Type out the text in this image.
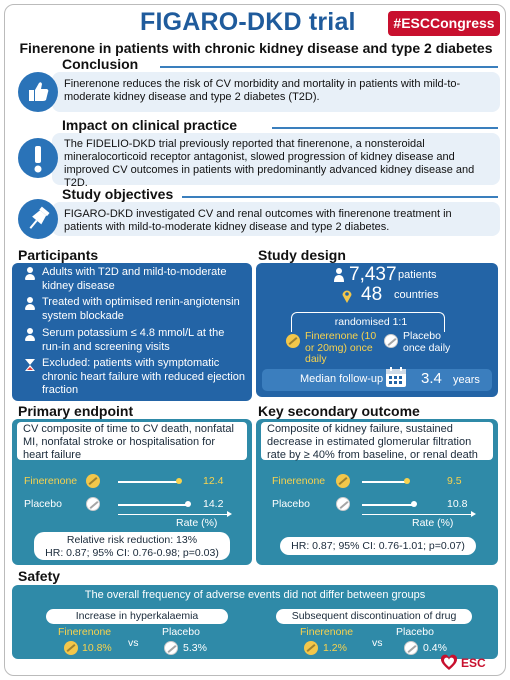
FIGARO-DKD trial	#ESCCongress
Finerenone in patients with chronic kidney disease and type 2 diabetes
Conclusion
Finerenone reduces the risk of CV morbidity and mortality in patients with mild-to-moderate kidney disease and type 2 diabetes (T2D).
Impact on clinical practice
The FIDELIO-DKD trial previously reported that finerenone, a nonsteroidal mineralocorticoid receptor antagonist, slowed progression of kidney disease and improved CV outcomes in patients with predominantly advanced kidney disease and T2D.
Study objectives
FIGARO-DKD investigated CV and renal outcomes with finerenone treatment in patients with mild-to-moderate kidney disease and type 2 diabetes.
Participants
Adults with T2D and mild-to-moderate kidney disease
Treated with optimised renin-angiotensin system blockade
Serum potassium ≤ 4.8 mmol/L at the run-in and screening visits
Excluded: patients with symptomatic chronic heart failure with reduced ejection fraction
Study design
7,437 patients
48 countries
randomised 1:1
Finerenone (10 or 20mg) once daily
Placebo once daily
Median follow-up	3.4 years
Primary endpoint
CV composite of time to CV death, nonfatal MI, nonfatal stroke or hospitalisation for heart failure
Finerenone	12.4
Placebo	14.2
Rate (%)
Relative risk reduction: 13%
HR: 0.87; 95% CI: 0.76-0.98; p=0.03)
Key secondary outcome
Composite of kidney failure, sustained decrease in estimated glomerular filtration rate by ≥ 40% from baseline, or renal death
Finerenone	9.5
Placebo	10.8
Rate (%)
HR: 0.87; 95% CI: 0.76-1.01; p=0.07)
Safety
The overall frequency of adverse events did not differ between groups
Increase in hyperkalaemia
Finerenone
10.8% vs
Placebo
5.3%
Subsequent discontinuation of drug
Finerenone
1.2% vs
Placebo
0.4%
ESC
